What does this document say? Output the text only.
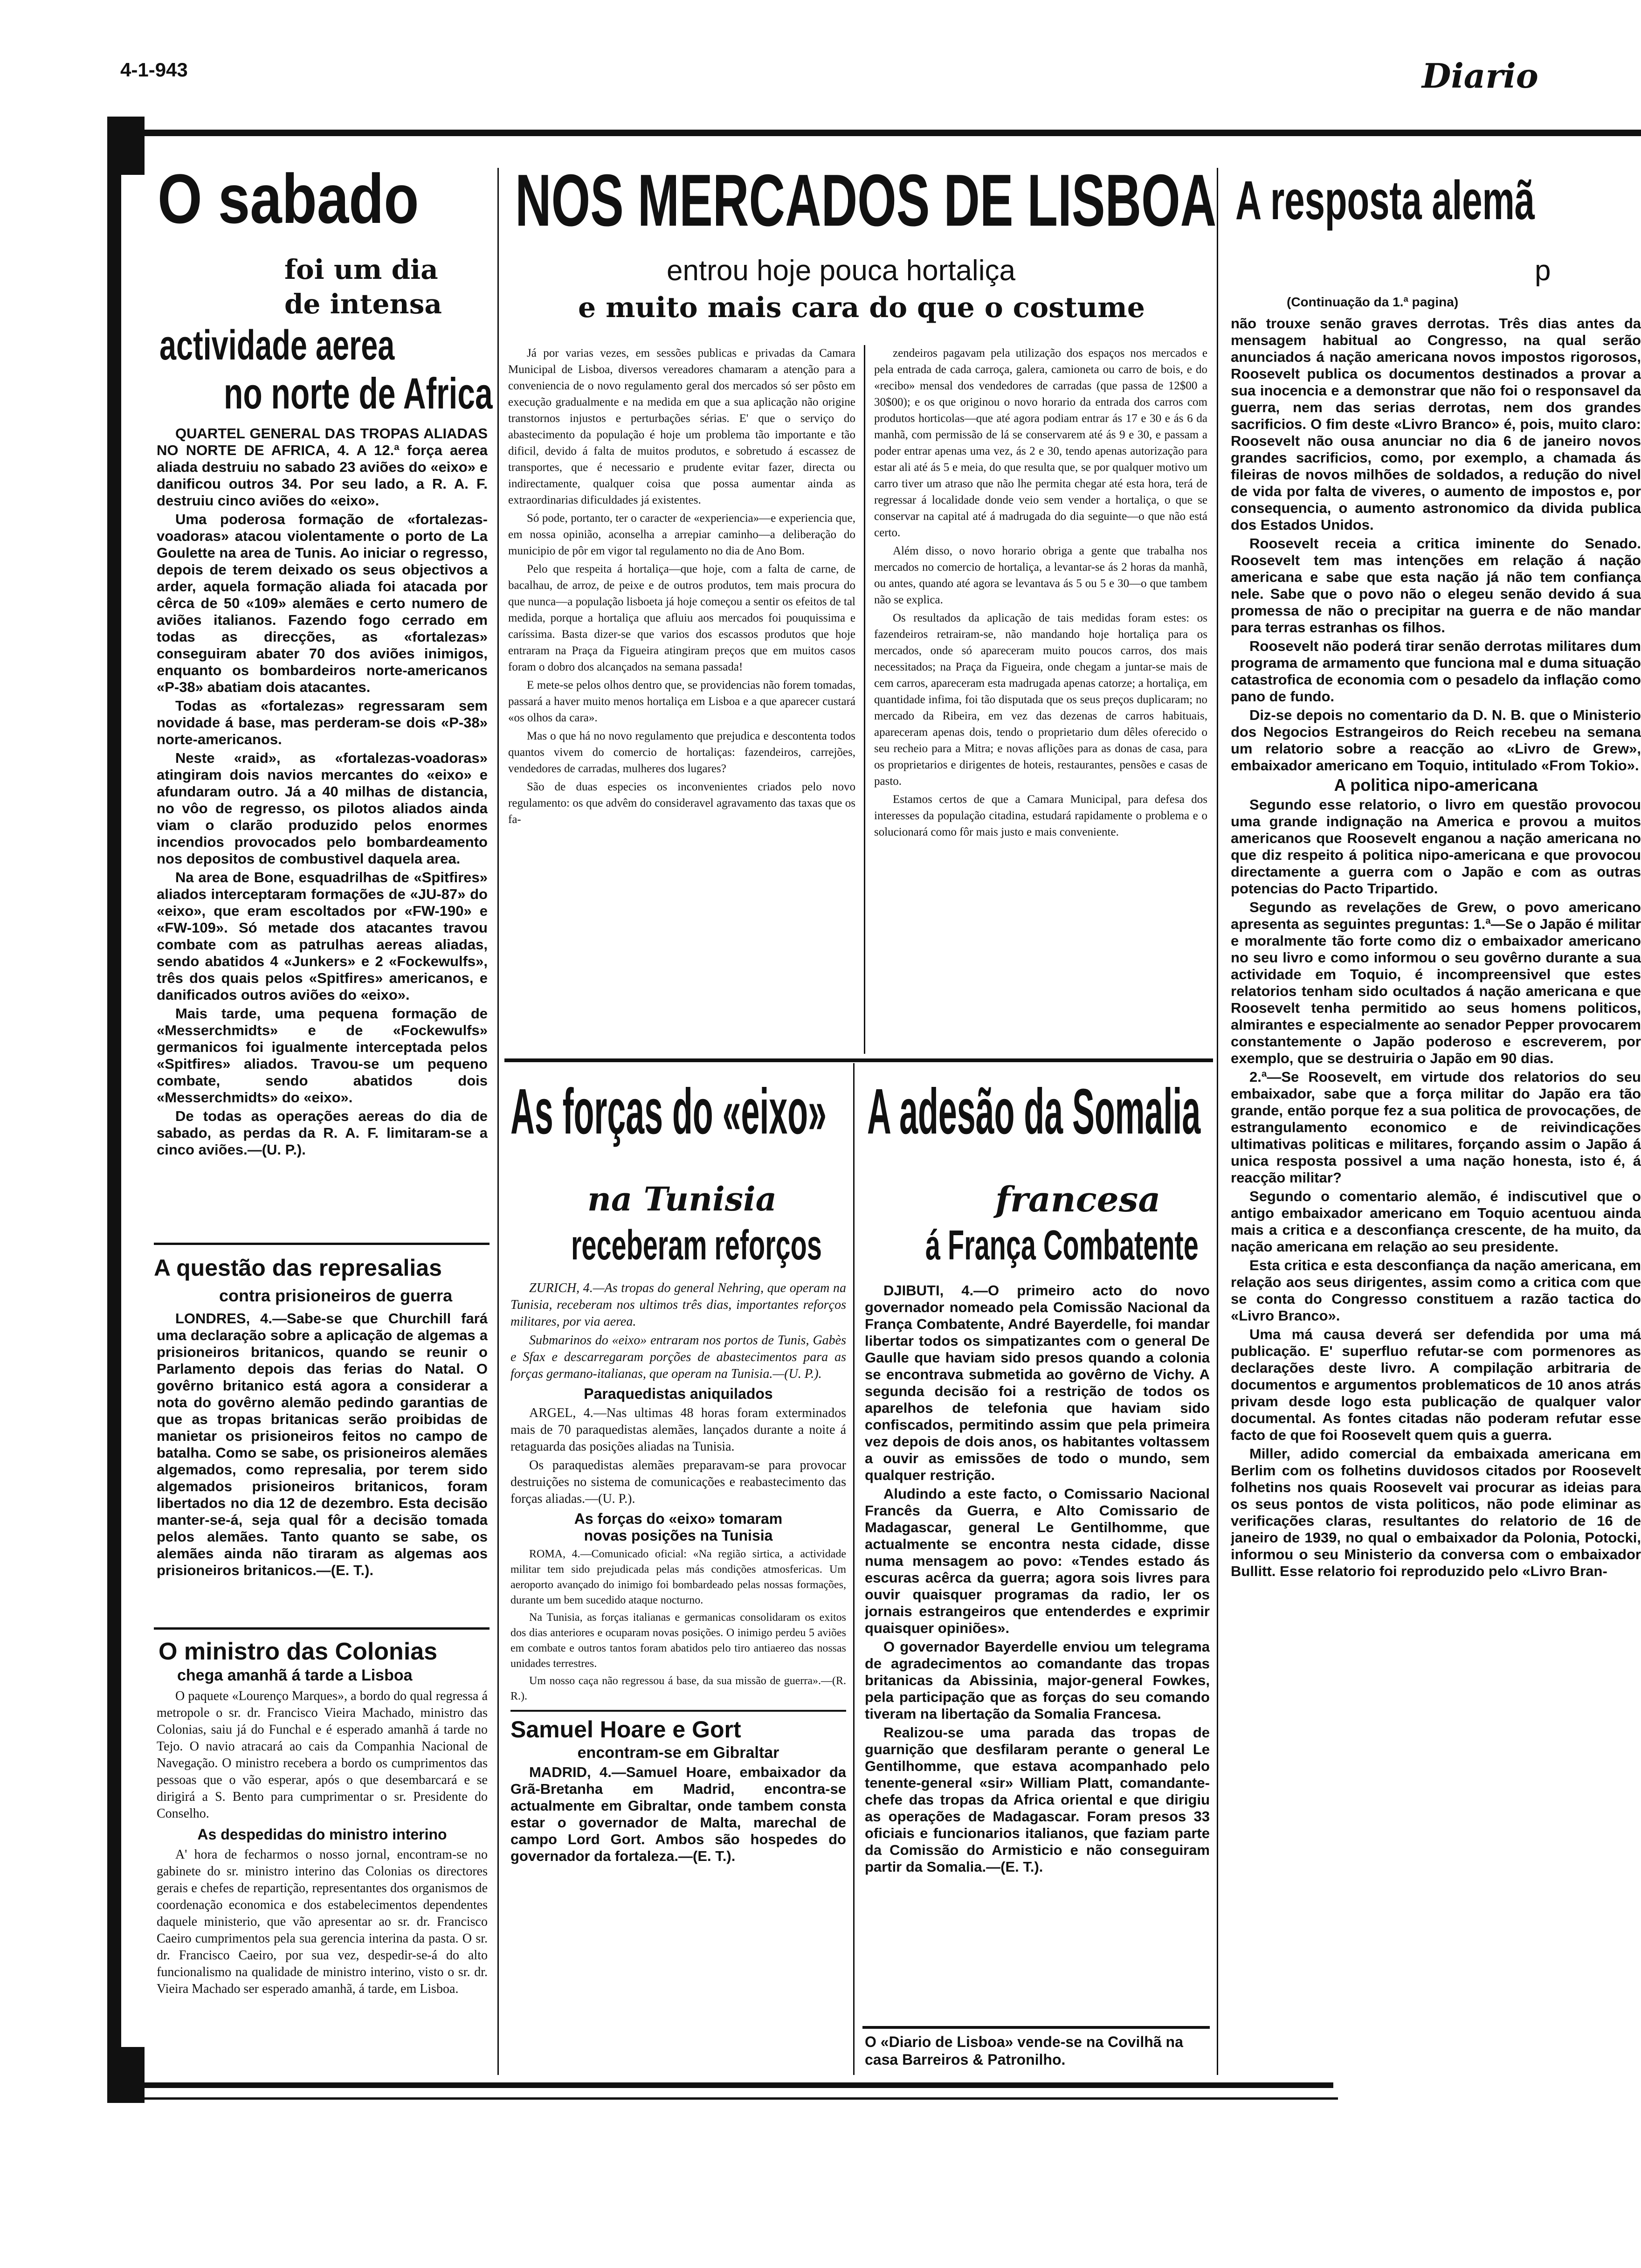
4-1-943	Diario
O sabado
foi um dia
de intensa
actividade aerea
no norte de Africa

QUARTEL GENERAL DAS TROPAS ALIADAS NO NORTE DE AFRICA, 4. A 12.ª força aerea aliada destruiu no sabado 23 aviões do «eixo» e danificou outros 34. Por seu lado, a R. A. F. destruiu cinco aviões do «eixo».

Uma poderosa formação de «fortalezas-voadoras» atacou violentamente o porto de La Goulette na area de Tunis. Ao iniciar o regresso, depois de terem deixado os seus objectivos a arder, aquela formação aliada foi atacada por cêrca de 50 «109» alemães e certo numero de aviões italianos. Fazendo fogo cerrado em todas as direcções, as «fortalezas» conseguiram abater 70 dos aviões inimigos, enquanto os bombardeiros norte-americanos «P-38» abatiam dois atacantes.

Todas as «fortalezas» regressaram sem novidade á base, mas perderam-se dois «P-38» norte-americanos.

Neste «raid», as «fortalezas-voadoras» atingiram dois navios mercantes do «eixo» e afundaram outro. Já a 40 milhas de distancia, no vôo de regresso, os pilotos aliados ainda viam o clarão produzido pelos enormes incendios provocados pelo bombardeamento nos depositos de combustivel daquela area.

Na area de Bone, esquadrilhas de «Spitfires» aliados interceptaram formações de «JU-87» do «eixo», que eram escoltados por «FW-190» e «FW-109». Só metade dos atacantes travou combate com as patrulhas aereas aliadas, sendo abatidos 4 «Junkers» e 2 «Fockewulfs», três dos quais pelos «Spitfires» americanos, e danificados outros aviões do «eixo».

Mais tarde, uma pequena formação de «Messerchmidts» e de «Fockewulfs» germanicos foi igualmente interceptada pelos «Spitfires» aliados. Travou-se um pequeno combate, sendo abatidos dois «Messerchmidts» do «eixo».

De todas as operações aereas do dia de sabado, as perdas da R. A. F. limitaram-se a cinco aviões.—(U. P.).

A questão das represalias
contra prisioneiros de guerra

LONDRES, 4.—Sabe-se que Churchill fará uma declaração sobre a aplicação de algemas a prisioneiros britanicos, quando se reunir o Parlamento depois das ferias do Natal. O govêrno britanico está agora a considerar a nota do govêrno alemão pedindo garantias de que as tropas britanicas serão proibidas de manietar os prisioneiros feitos no campo de batalha. Como se sabe, os prisioneiros alemães algemados, como represalia, por terem sido algemados prisioneiros britanicos, foram libertados no dia 12 de dezembro. Esta decisão manter-se-á, seja qual fôr a decisão tomada pelos alemães. Tanto quanto se sabe, os alemães ainda não tiraram as algemas aos prisioneiros britanicos.—(E. T.).

O ministro das Colonias
chega amanhã á tarde a Lisboa

O paquete «Lourenço Marques», a bordo do qual regressa á metropole o sr. dr. Francisco Vieira Machado, ministro das Colonias, saiu já do Funchal e é esperado amanhã á tarde no Tejo. O navio atracará ao cais da Companhia Nacional de Navegação. O ministro recebera a bordo os cumprimentos das pessoas que o vão esperar, após o que desembarcará e se dirigirá a S. Bento para cumprimentar o sr. Presidente do Conselho.

As despedidas do ministro interino

A' hora de fecharmos o nosso jornal, encontram-se no gabinete do sr. ministro interino das Colonias os directores gerais e chefes de repartição, representantes dos organismos de coordenação economica e dos estabelecimentos dependentes daquele ministerio, que vão apresentar ao sr. dr. Francisco Caeiro cumprimentos pela sua gerencia interina da pasta. O sr. dr. Francisco Caeiro, por sua vez, despedir-se-á do alto funcionalismo na qualidade de ministro interino, visto o sr. dr. Vieira Machado ser esperado amanhã, á tarde, em Lisboa.

NOS MERCADOS DE LISBOA
entrou hoje pouca hortaliça
e muito mais cara do que o costume

Já por varias vezes, em sessões publicas e privadas da Camara Municipal de Lisboa, diversos vereadores chamaram a atenção para a conveniencia de o novo regulamento geral dos mercados só ser pôsto em execução gradualmente e na medida em que a sua aplicação não origine transtornos injustos e perturbações sérias. E' que o serviço do abastecimento da população é hoje um problema tão importante e tão dificil, devido á falta de muitos produtos, e sobretudo á escassez de transportes, que é necessario e prudente evitar fazer, directa ou indirectamente, qualquer coisa que possa aumentar ainda as extraordinarias dificuldades já existentes.

Só pode, portanto, ter o caracter de «experiencia»—e experiencia que, em nossa opinião, aconselha a arrepiar caminho—a deliberação do municipio de pôr em vigor tal regulamento no dia de Ano Bom.

Pelo que respeita á hortaliça—que hoje, com a falta de carne, de bacalhau, de arroz, de peixe e de outros produtos, tem mais procura do que nunca—a população lisboeta já hoje começou a sentir os efeitos de tal medida, porque a hortaliça que afluiu aos mercados foi pouquissima e caríssima. Basta dizer-se que varios dos escassos produtos que hoje entraram na Praça da Figueira atingiram preços que em muitos casos foram o dobro dos alcançados na semana passada!

E mete-se pelos olhos dentro que, se providencias não forem tomadas, passará a haver muito menos hortaliça em Lisboa e a que aparecer custará «os olhos da cara».

Mas o que há no novo regulamento que prejudica e descontenta todos quantos vivem do comercio de hortaliças: fazendeiros, carrejões, vendedores de carradas, mulheres dos lugares?

São de duas especies os inconvenientes criados pelo novo regulamento: os que advêm do consideravel agravamento das taxas que os fa-

zendeiros pagavam pela utilização dos espaços nos mercados e pela entrada de cada carroça, galera, camioneta ou carro de bois, e do «recibo» mensal dos vendedores de carradas (que passa de 12$00 a 30$00); e os que originou o novo horario da entrada dos carros com produtos horticolas—que até agora podiam entrar ás 17 e 30 e ás 6 da manhã, com permissão de lá se conservarem até ás 9 e 30, e passam a poder entrar apenas uma vez, ás 2 e 30, tendo apenas autorização para estar ali até ás 5 e meia, do que resulta que, se por qualquer motivo um carro tiver um atraso que não lhe permita chegar até esta hora, terá de regressar á localidade donde veio sem vender a hortaliça, o que se conservar na capital até á madrugada do dia seguinte—o que não está certo.

Além disso, o novo horario obriga a gente que trabalha nos mercados no comercio de hortaliça, a levantar-se ás 2 horas da manhã, ou antes, quando até agora se levantava ás 5 ou 5 e 30—o que tambem não se explica.

Os resultados da aplicação de tais medidas foram estes: os fazendeiros retrairam-se, não mandando hoje hortaliça para os mercados, onde só apareceram muito poucos carros, dos mais necessitados; na Praça da Figueira, onde chegam a juntar-se mais de cem carros, apareceram esta madrugada apenas catorze; a hortaliça, em quantidade infima, foi tão disputada que os seus preços duplicaram; no mercado da Ribeira, em vez das dezenas de carros habituais, apareceram apenas dois, tendo o proprietario dum dêles oferecido o seu recheio para a Mitra; e novas aflições para as donas de casa, para os proprietarios e dirigentes de hoteis, restaurantes, pensões e casas de pasto.

Estamos certos de que a Camara Municipal, para defesa dos interesses da população citadina, estudará rapidamente o problema e o solucionará como fôr mais justo e mais conveniente.

As forças do «eixo»
na Tunisia
receberam reforços

ZURICH, 4.—As tropas do general Nehring, que operam na Tunisia, receberam nos ultimos três dias, importantes reforços militares, por via aerea.

Submarinos do «eixo» entraram nos portos de Tunis, Gabès e Sfax e descarregaram porções de abastecimentos para as forças germano-italianas, que operam na Tunisia.—(U. P.).

Paraquedistas aniquilados

ARGEL, 4.—Nas ultimas 48 horas foram exterminados mais de 70 paraquedistas alemães, lançados durante a noite á retaguarda das posições aliadas na Tunisia.

Os paraquedistas alemães preparavam-se para provocar destruições no sistema de comunicações e reabastecimento das forças aliadas.—(U. P.).

As forças do «eixo» tomaram

novas posições na Tunisia

ROMA, 4.—Comunicado oficial: «Na região sirtica, a actividade militar tem sido prejudicada pelas más condições atmosfericas. Um aeroporto avançado do inimigo foi bombardeado pelas nossas formações, durante um bem sucedido ataque nocturno.

Na Tunisia, as forças italianas e germanicas consolidaram os exitos dos dias anteriores e ocuparam novas posições. O inimigo perdeu 5 aviões em combate e outros tantos foram abatidos pelo tiro antiaereo das nossas unidades terrestres.

Um nosso caça não regressou á base, da sua missão de guerra».—(R. R.).

Samuel Hoare e Gort

encontram-se em Gibraltar

MADRID, 4.—Samuel Hoare, embaixador da Grã-Bretanha em Madrid, encontra-se actualmente em Gibraltar, onde tambem consta estar o governador de Malta, marechal de campo Lord Gort. Ambos são hospedes do governador da fortaleza.—(E. T.).

A adesão da Somalia
francesa
á França Combatente

DJIBUTI, 4.—O primeiro acto do novo governador nomeado pela Comissão Nacional da França Combatente, André Bayerdelle, foi mandar libertar todos os simpatizantes com o general De Gaulle que haviam sido presos quando a colonia se encontrava submetida ao govêrno de Vichy. A segunda decisão foi a restrição de todos os aparelhos de telefonia que haviam sido confiscados, permitindo assim que pela primeira vez depois de dois anos, os habitantes voltassem a ouvir as emissões de todo o mundo, sem qualquer restrição.

Aludindo a este facto, o Comissario Nacional Francês da Guerra, e Alto Comissario de Madagascar, general Le Gentilhomme, que actualmente se encontra nesta cidade, disse numa mensagem ao povo: «Tendes estado ás escuras acêrca da guerra; agora sois livres para ouvir quaisquer programas da radio, ler os jornais estrangeiros que entenderdes e exprimir quaisquer opiniões».

O governador Bayerdelle enviou um telegrama de agradecimentos ao comandante das tropas britanicas da Abissinia, major-general Fowkes, pela participação que as forças do seu comando tiveram na libertação da Somalia Francesa.

Realizou-se uma parada das tropas de guarnição que desfilaram perante o general Le Gentilhomme, que estava acompanhado pelo tenente-general «sir» William Platt, comandante-chefe das tropas da Africa oriental e que dirigiu as operações de Madagascar. Foram presos 33 oficiais e funcionarios italianos, que faziam parte da Comissão do Armisticio e não conseguiram partir da Somalia.—(E. T.).

O «Diario de Lisboa» vende-se na Covilhã na casa Barreiros & Patronilho.
A resposta alemã
p
(Continuação da 1.ª pagina)

não trouxe senão graves derrotas. Três dias antes da mensagem habitual ao Congresso, na qual serão anunciados á nação americana novos impostos rigorosos, Roosevelt publica os documentos destinados a provar a sua inocencia e a demonstrar que não foi o responsavel da guerra, nem das serias derrotas, nem dos grandes sacrificios. O fim deste «Livro Branco» é, pois, muito claro: Roosevelt não ousa anunciar no dia 6 de janeiro novos grandes sacrificios, como, por exemplo, a chamada ás fileiras de novos milhões de soldados, a redução do nivel de vida por falta de viveres, o aumento de impostos e, por consequencia, o aumento astronomico da divida publica dos Estados Unidos.

Roosevelt receia a critica iminente do Senado. Roosevelt tem mas intenções em relação á nação americana e sabe que esta nação já não tem confiança nele. Sabe que o povo não o elegeu senão devido á sua promessa de não o precipitar na guerra e de não mandar para terras estranhas os filhos.

Roosevelt não poderá tirar senão derrotas militares dum programa de armamento que funciona mal e duma situação catastrofica de economia com o pesadelo da inflação como pano de fundo.

Diz-se depois no comentario da D. N. B. que o Ministerio dos Negocios Estrangeiros do Reich recebeu na semana um relatorio sobre a reacção ao «Livro de Grew», embaixador americano em Toquio, intitulado «From Tokio».

A politica nipo-americana

Segundo esse relatorio, o livro em questão provocou uma grande indignação na America e provou a muitos americanos que Roosevelt enganou a nação americana no que diz respeito á politica nipo-americana e que provocou directamente a guerra com o Japão e com as outras potencias do Pacto Tripartido.

Segundo as revelações de Grew, o povo americano apresenta as seguintes preguntas: 1.ª—Se o Japão é militar e moralmente tão forte como diz o embaixador americano no seu livro e como informou o seu govêrno durante a sua actividade em Toquio, é incompreensivel que estes relatorios tenham sido ocultados á nação americana e que Roosevelt tenha permitido ao seus homens politicos, almirantes e especialmente ao senador Pepper provocarem constantemente o Japão poderoso e escreverem, por exemplo, que se destruiria o Japão em 90 dias.

2.ª—Se Roosevelt, em virtude dos relatorios do seu embaixador, sabe que a força militar do Japão era tão grande, então porque fez a sua politica de provocações, de estrangulamento economico e de reivindicações ultimativas politicas e militares, forçando assim o Japão á unica resposta possivel a uma nação honesta, isto é, á reacção militar?

Segundo o comentario alemão, é indiscutivel que o antigo embaixador americano em Toquio acentuou ainda mais a critica e a desconfiança crescente, de ha muito, da nação americana em relação ao seu presidente.

Esta critica e esta desconfiança da nação americana, em relação aos seus dirigentes, assim como a critica com que se conta do Congresso constituem a razão tactica do «Livro Branco».

Uma má causa deverá ser defendida por uma má publicação. E' superfluo refutar-se com pormenores as declarações deste livro. A compilação arbitraria de documentos e argumentos problematicos de 10 anos atrás privam desde logo esta publicação de qualquer valor documental. As fontes citadas não poderam refutar esse facto de que foi Roosevelt quem quis a guerra.

Miller, adido comercial da embaixada americana em Berlim com os folhetins duvidosos citados por Roosevelt folhetins nos quais Roosevelt vai procurar as ideias para os seus pontos de vista politicos, não pode eliminar as verificações claras, resultantes do relatorio de 16 de janeiro de 1939, no qual o embaixador da Polonia, Potocki, informou o seu Ministerio da conversa com o embaixador Bullitt. Esse relatorio foi reproduzido pelo «Livro Bran-
